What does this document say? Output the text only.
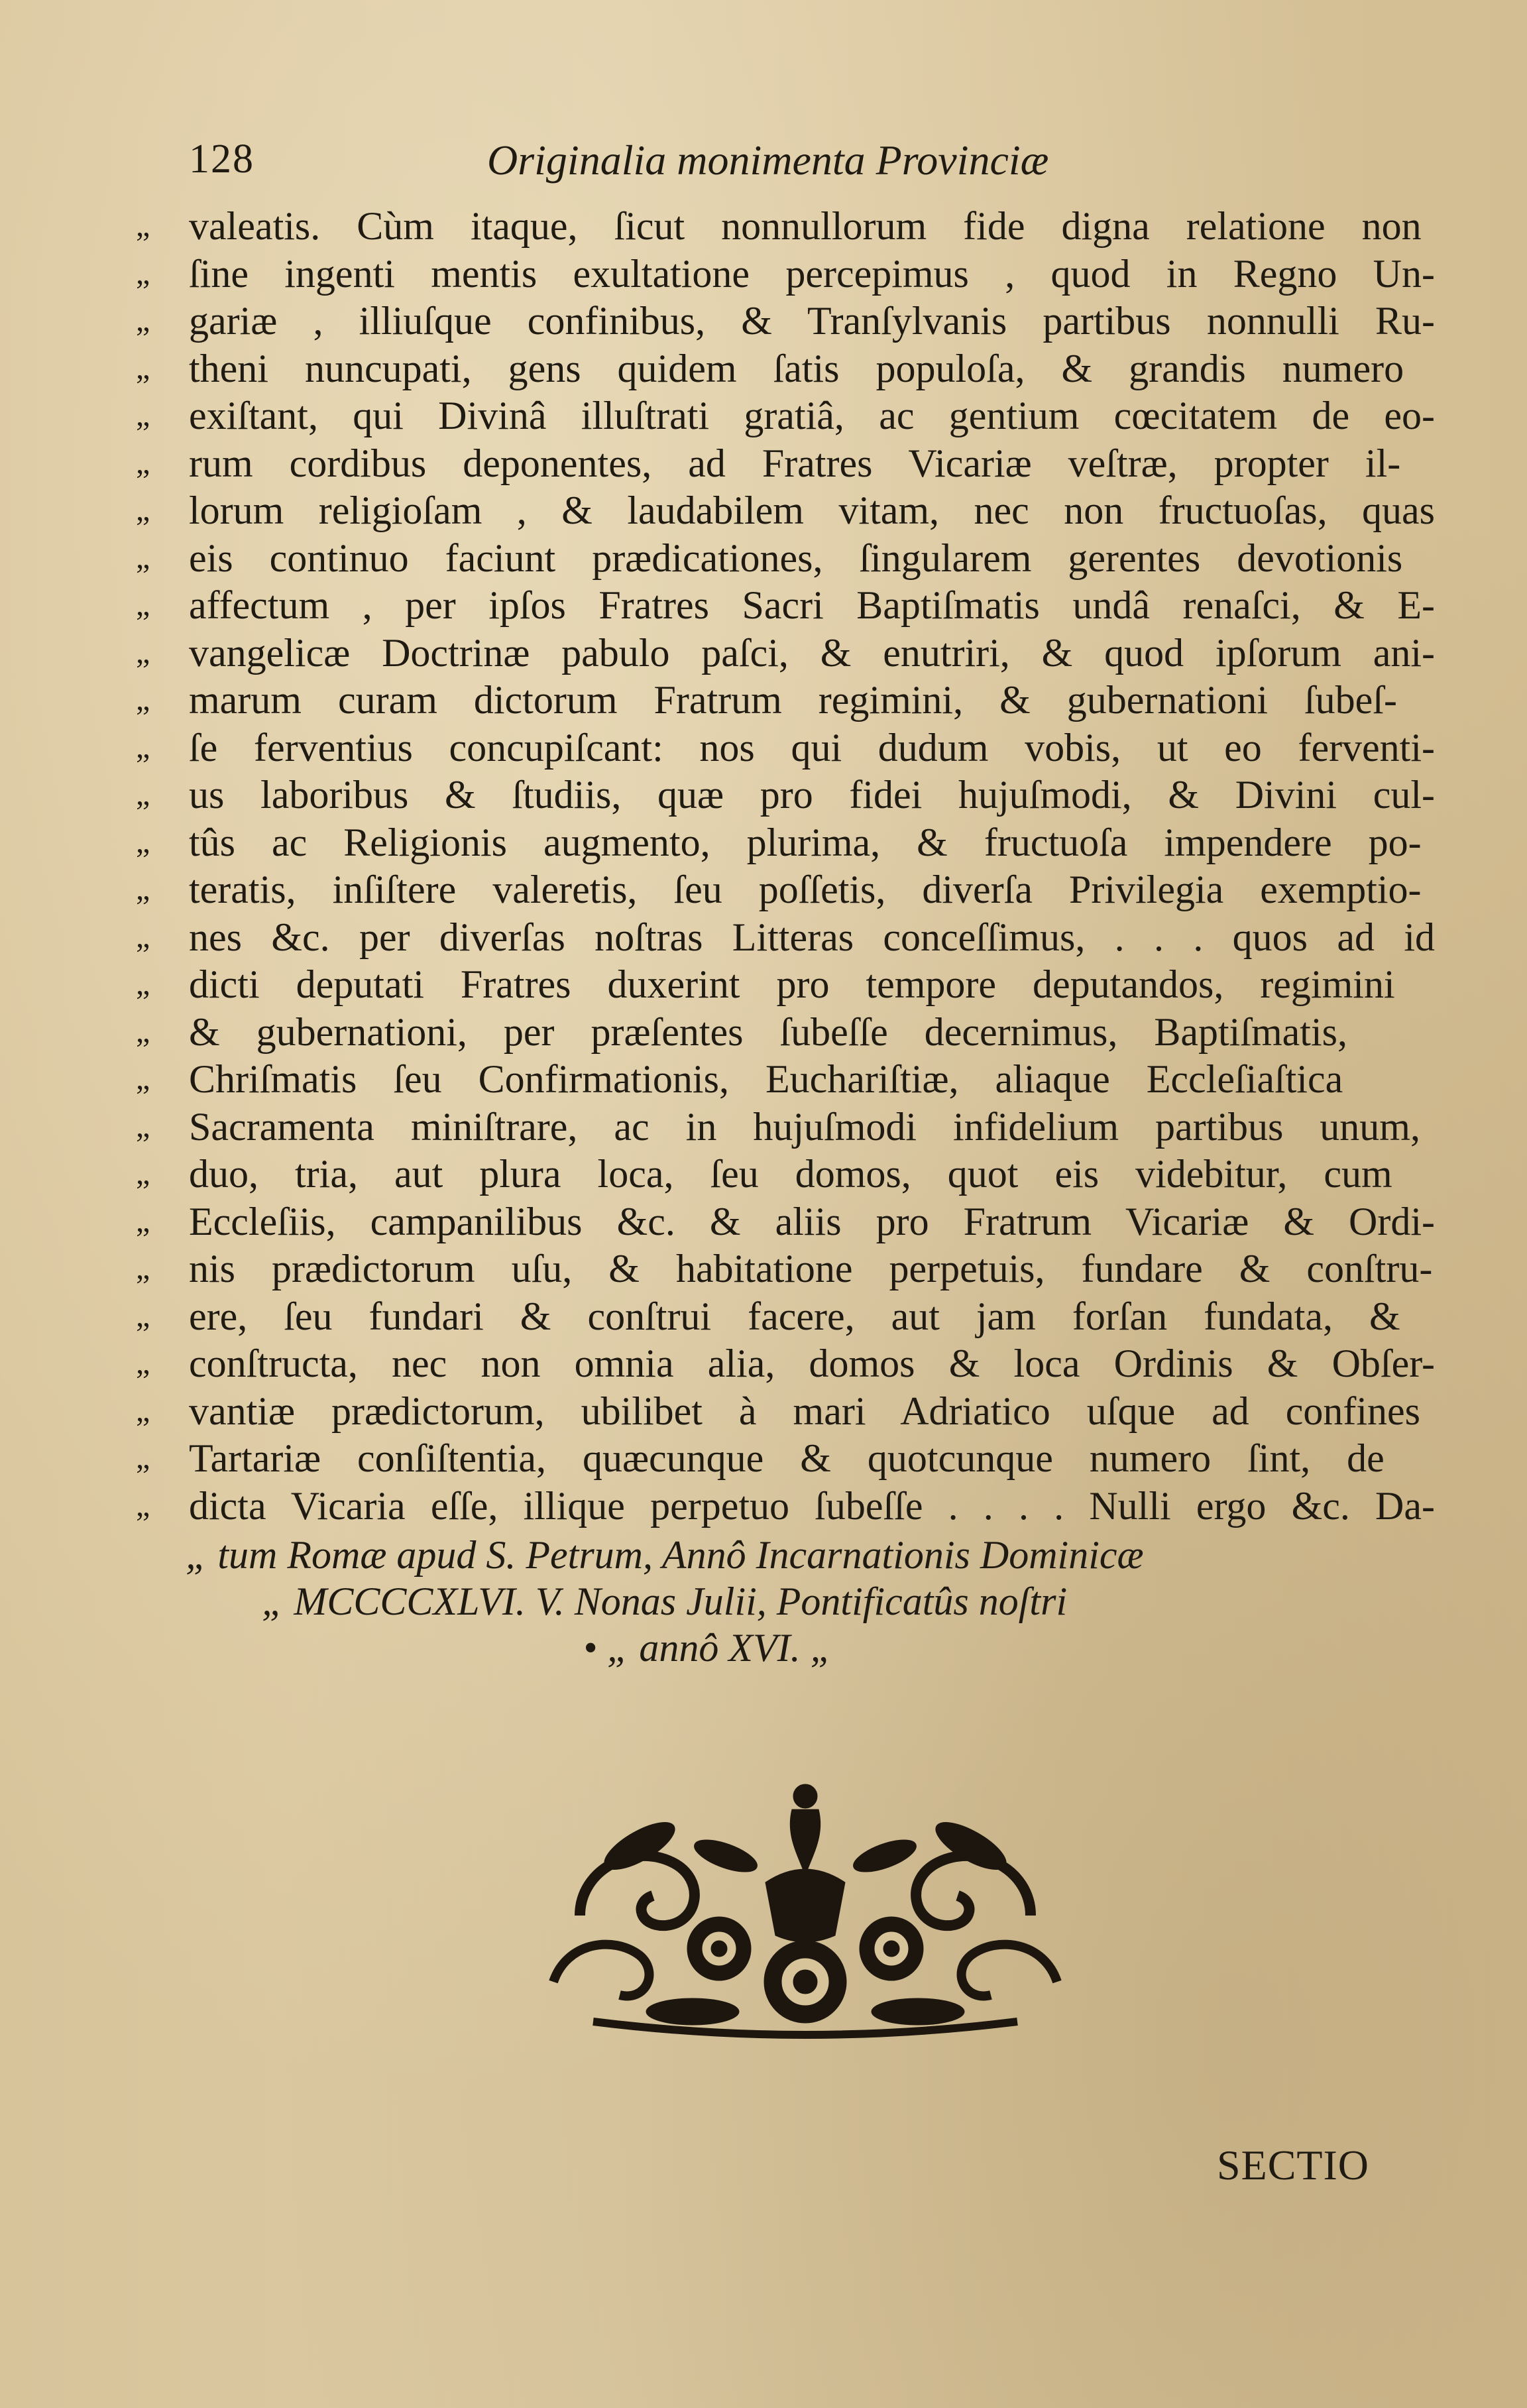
128	Originalia monimenta Provinciæ
„ valeatis. Cùm itaque, ſicut nonnullorum fide digna relatione non
„ ſine ingenti mentis exultatione percepimus , quod in Regno Un-
„ gariæ , illiuſque confinibus, & Tranſylvanis partibus nonnulli Ru-
„ theni nuncupati, gens quidem ſatis populoſa, & grandis numero
„ exiſtant, qui Divinâ illuſtrati gratiâ, ac gentium cœcitatem de eo-
„ rum cordibus deponentes, ad Fratres Vicariæ veſtræ, propter il-
„ lorum religioſam , & laudabilem vitam, nec non fructuoſas, quas
„ eis continuo faciunt prædicationes, ſingularem gerentes devotionis
„ affectum , per ipſos Fratres Sacri Baptiſmatis undâ renaſci, & E-
„ vangelicæ Doctrinæ pabulo paſci, & enutriri, & quod ipſorum ani-
„ marum curam dictorum Fratrum regimini, & gubernationi ſubeſ-
„ ſe ferventius concupiſcant: nos qui dudum vobis, ut eo ferventi-
„ us laboribus & ſtudiis, quæ pro fidei hujuſmodi, & Divini cul-
„ tûs ac Religionis augmento, plurima, & fructuoſa impendere po-
„ teratis, inſiſtere valeretis, ſeu poſſetis, diverſa Privilegia exemptio-
„ nes &c. per diverſas noſtras Litteras conceſſimus, . . . quos ad id
„ dicti deputati Fratres duxerint pro tempore deputandos, regimini
„ & gubernationi, per præſentes ſubeſſe decernimus, Baptiſmatis,
„ Chriſmatis ſeu Confirmationis, Euchariſtiæ, aliaque Eccleſiaſtica
„ Sacramenta miniſtrare, ac in hujuſmodi infidelium partibus unum,
„ duo, tria, aut plura loca, ſeu domos, quot eis videbitur, cum
„ Eccleſiis, campanilibus &c. & aliis pro Fratrum Vicariæ & Ordi-
„ nis prædictorum uſu, & habitatione perpetuis, fundare & conſtru-
„ ere, ſeu fundari & conſtrui facere, aut jam forſan fundata, &
„ conſtructa, nec non omnia alia, domos & loca Ordinis & Obſer-
„ vantiæ prædictorum, ubilibet à mari Adriatico uſque ad confines
„ Tartariæ conſiſtentia, quæcunque & quotcunque numero ſint, de
„ dicta Vicaria eſſe, illique perpetuo ſubeſſe . . . . Nulli ergo &c. Da-
„ tum Romæ apud S. Petrum, Annô Incarnationis Dominicæ
„ MCCCCXLVI. V. Nonas Julii, Pontificatûs noſtri
• „ annô XVI. „
SECTIO
